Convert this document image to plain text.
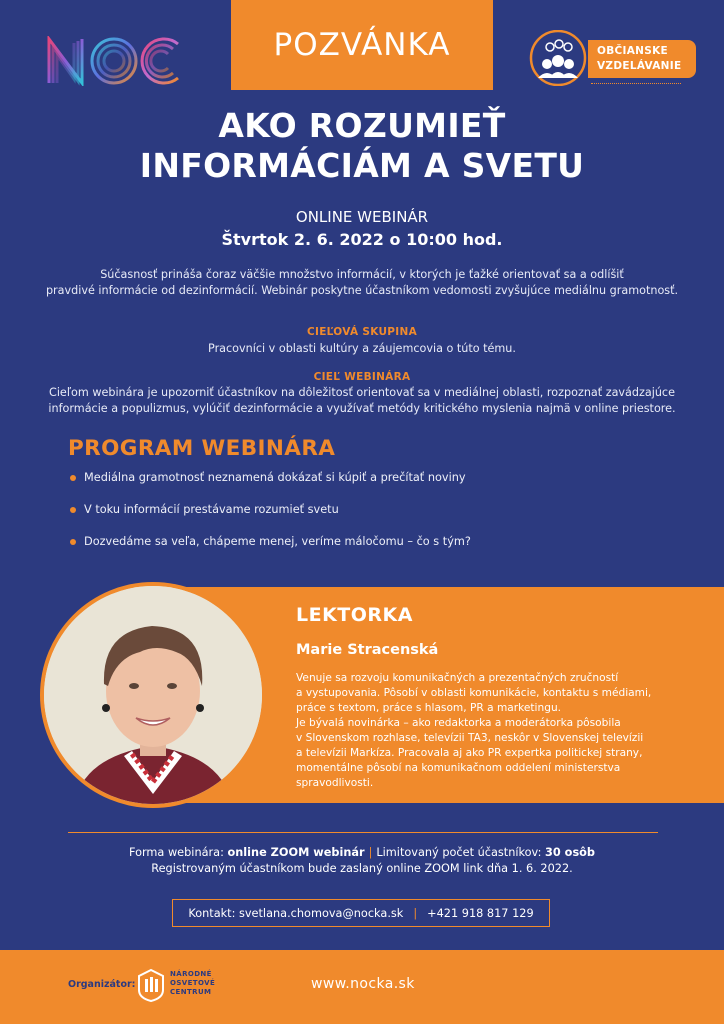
POZVÁNKA	OBČIANSKE
VZDELÁVANIE
AKO ROZUMIEŤ
INFORMÁCIÁM A SVETU
ONLINE WEBINÁR
Štvrtok 2. 6. 2022 o 10:00 hod.
Súčasnosť prináša čoraz väčšie množstvo informácií, v ktorých je ťažké orientovať sa a odlíšiť
pravdivé informácie od dezinformácií. Webinár poskytne účastníkom vedomosti zvyšujúce mediálnu gramotnosť.
CIEĽOVÁ SKUPINA
Pracovníci v oblasti kultúry a záujemcovia o túto tému.
CIEĽ WEBINÁRA
Cieľom webinára je upozorniť účastníkov na dôležitosť orientovať sa v mediálnej oblasti, rozpoznať zavádzajúce
informácie a populizmus, vylúčiť dezinformácie a využívať metódy kritického myslenia najmä v online priestore.
PROGRAM WEBINÁRA
Mediálna gramotnosť neznamená dokázať si kúpiť a prečítať noviny
V toku informácií prestávame rozumieť svetu
Dozvedáme sa veľa, chápeme menej, veríme máločomu – čo s tým?
LEKTORKA
Marie Stracenská
Venuje sa rozvoju komunikačných a prezentačných zručností
a vystupovania. Pôsobí v oblasti komunikácie, kontaktu s médiami,
práce s textom, práce s hlasom, PR a marketingu.
Je bývalá novinárka – ako redaktorka a moderátorka pôsobila
v Slovenskom rozhlase, televízii TA3, neskôr v Slovenskej televízii
a televízii Markíza. Pracovala aj ako PR expertka politickej strany,
momentálne pôsobí na komunikačnom oddelení ministerstva
spravodlivosti.
Forma webinára: online ZOOM webinár | Limitovaný počet účastníkov: 30 osôb
Registrovaným účastníkom bude zaslaný online ZOOM link dňa 1. 6. 2022.
Kontakt: svetlana.chomova@nocka.sk | +421 918 817 129
Organizátor:
NÁRODNÉ
OSVETOVÉ
CENTRUM	www.nocka.sk
